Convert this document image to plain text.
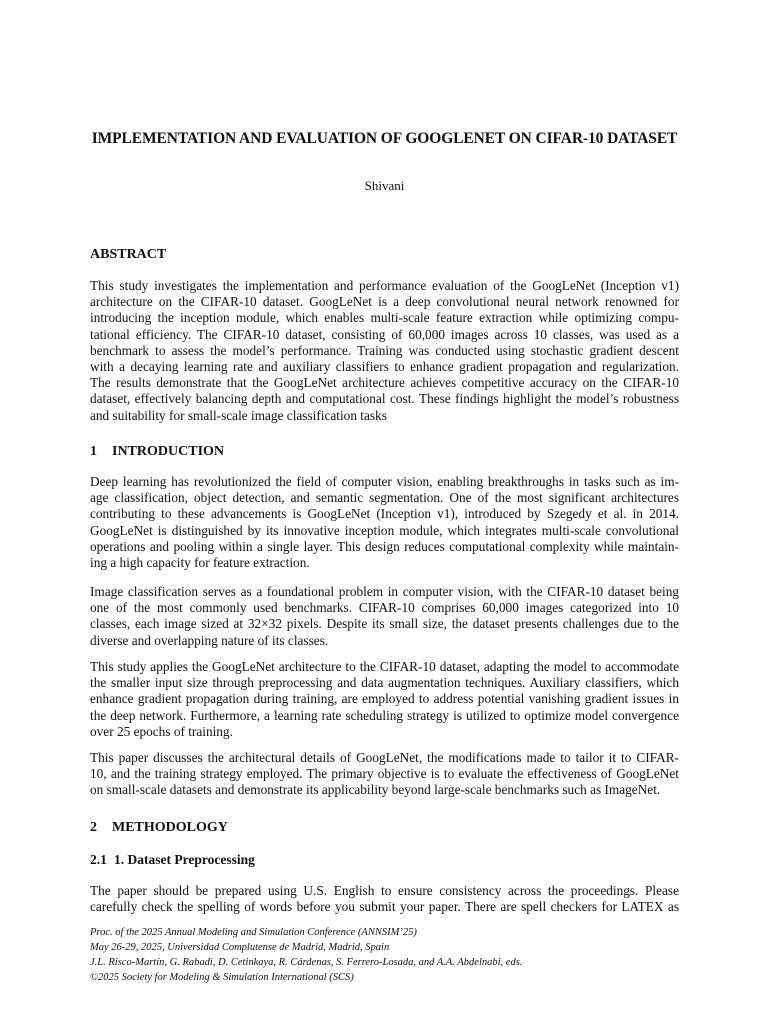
IMPLEMENTATION AND EVALUATION OF GOOGLENET ON CIFAR-10 DATASET
Shivani
ABSTRACT
This study investigates the implementation and performance evaluation of the GoogLeNet (Inception v1)
architecture on the CIFAR-10 dataset. GoogLeNet is a deep convolutional neural network renowned for
introducing the inception module, which enables multi-scale feature extraction while optimizing compu-
tational efficiency. The CIFAR-10 dataset, consisting of 60,000 images across 10 classes, was used as a
benchmark to assess the model’s performance. Training was conducted using stochastic gradient descent
with a decaying learning rate and auxiliary classifiers to enhance gradient propagation and regularization.
The results demonstrate that the GoogLeNet architecture achieves competitive accuracy on the CIFAR-10
dataset, effectively balancing depth and computational cost. These findings highlight the model’s robustness
and suitability for small-scale image classification tasks
1 INTRODUCTION
Deep learning has revolutionized the field of computer vision, enabling breakthroughs in tasks such as im-
age classification, object detection, and semantic segmentation. One of the most significant architectures
contributing to these advancements is GoogLeNet (Inception v1), introduced by Szegedy et al. in 2014.
GoogLeNet is distinguished by its innovative inception module, which integrates multi-scale convolutional
operations and pooling within a single layer. This design reduces computational complexity while maintain-
ing a high capacity for feature extraction.
Image classification serves as a foundational problem in computer vision, with the CIFAR-10 dataset being
one of the most commonly used benchmarks. CIFAR-10 comprises 60,000 images categorized into 10
classes, each image sized at 32×32 pixels. Despite its small size, the dataset presents challenges due to the
diverse and overlapping nature of its classes.
This study applies the GoogLeNet architecture to the CIFAR-10 dataset, adapting the model to accommodate
the smaller input size through preprocessing and data augmentation techniques. Auxiliary classifiers, which
enhance gradient propagation during training, are employed to address potential vanishing gradient issues in
the deep network. Furthermore, a learning rate scheduling strategy is utilized to optimize model convergence
over 25 epochs of training.
This paper discusses the architectural details of GoogLeNet, the modifications made to tailor it to CIFAR-
10, and the training strategy employed. The primary objective is to evaluate the effectiveness of GoogLeNet
on small-scale datasets and demonstrate its applicability beyond large-scale benchmarks such as ImageNet.
2 METHODOLOGY
2.1 1. Dataset Preprocessing
The paper should be prepared using U.S. English to ensure consistency across the proceedings. Please
carefully check the spelling of words before you submit your paper. There are spell checkers for LATEX as
Proc. of the 2025 Annual Modeling and Simulation Conference (ANNSIM’25)
May 26-29, 2025, Universidad Complutense de Madrid, Madrid, Spain
J.L. Risco-Martín, G. Rabadi, D. Cetinkaya, R. Cárdenas, S. Ferrero-Losada, and A.A. Abdelnabi, eds.
©2025 Society for Modeling & Simulation International (SCS)
